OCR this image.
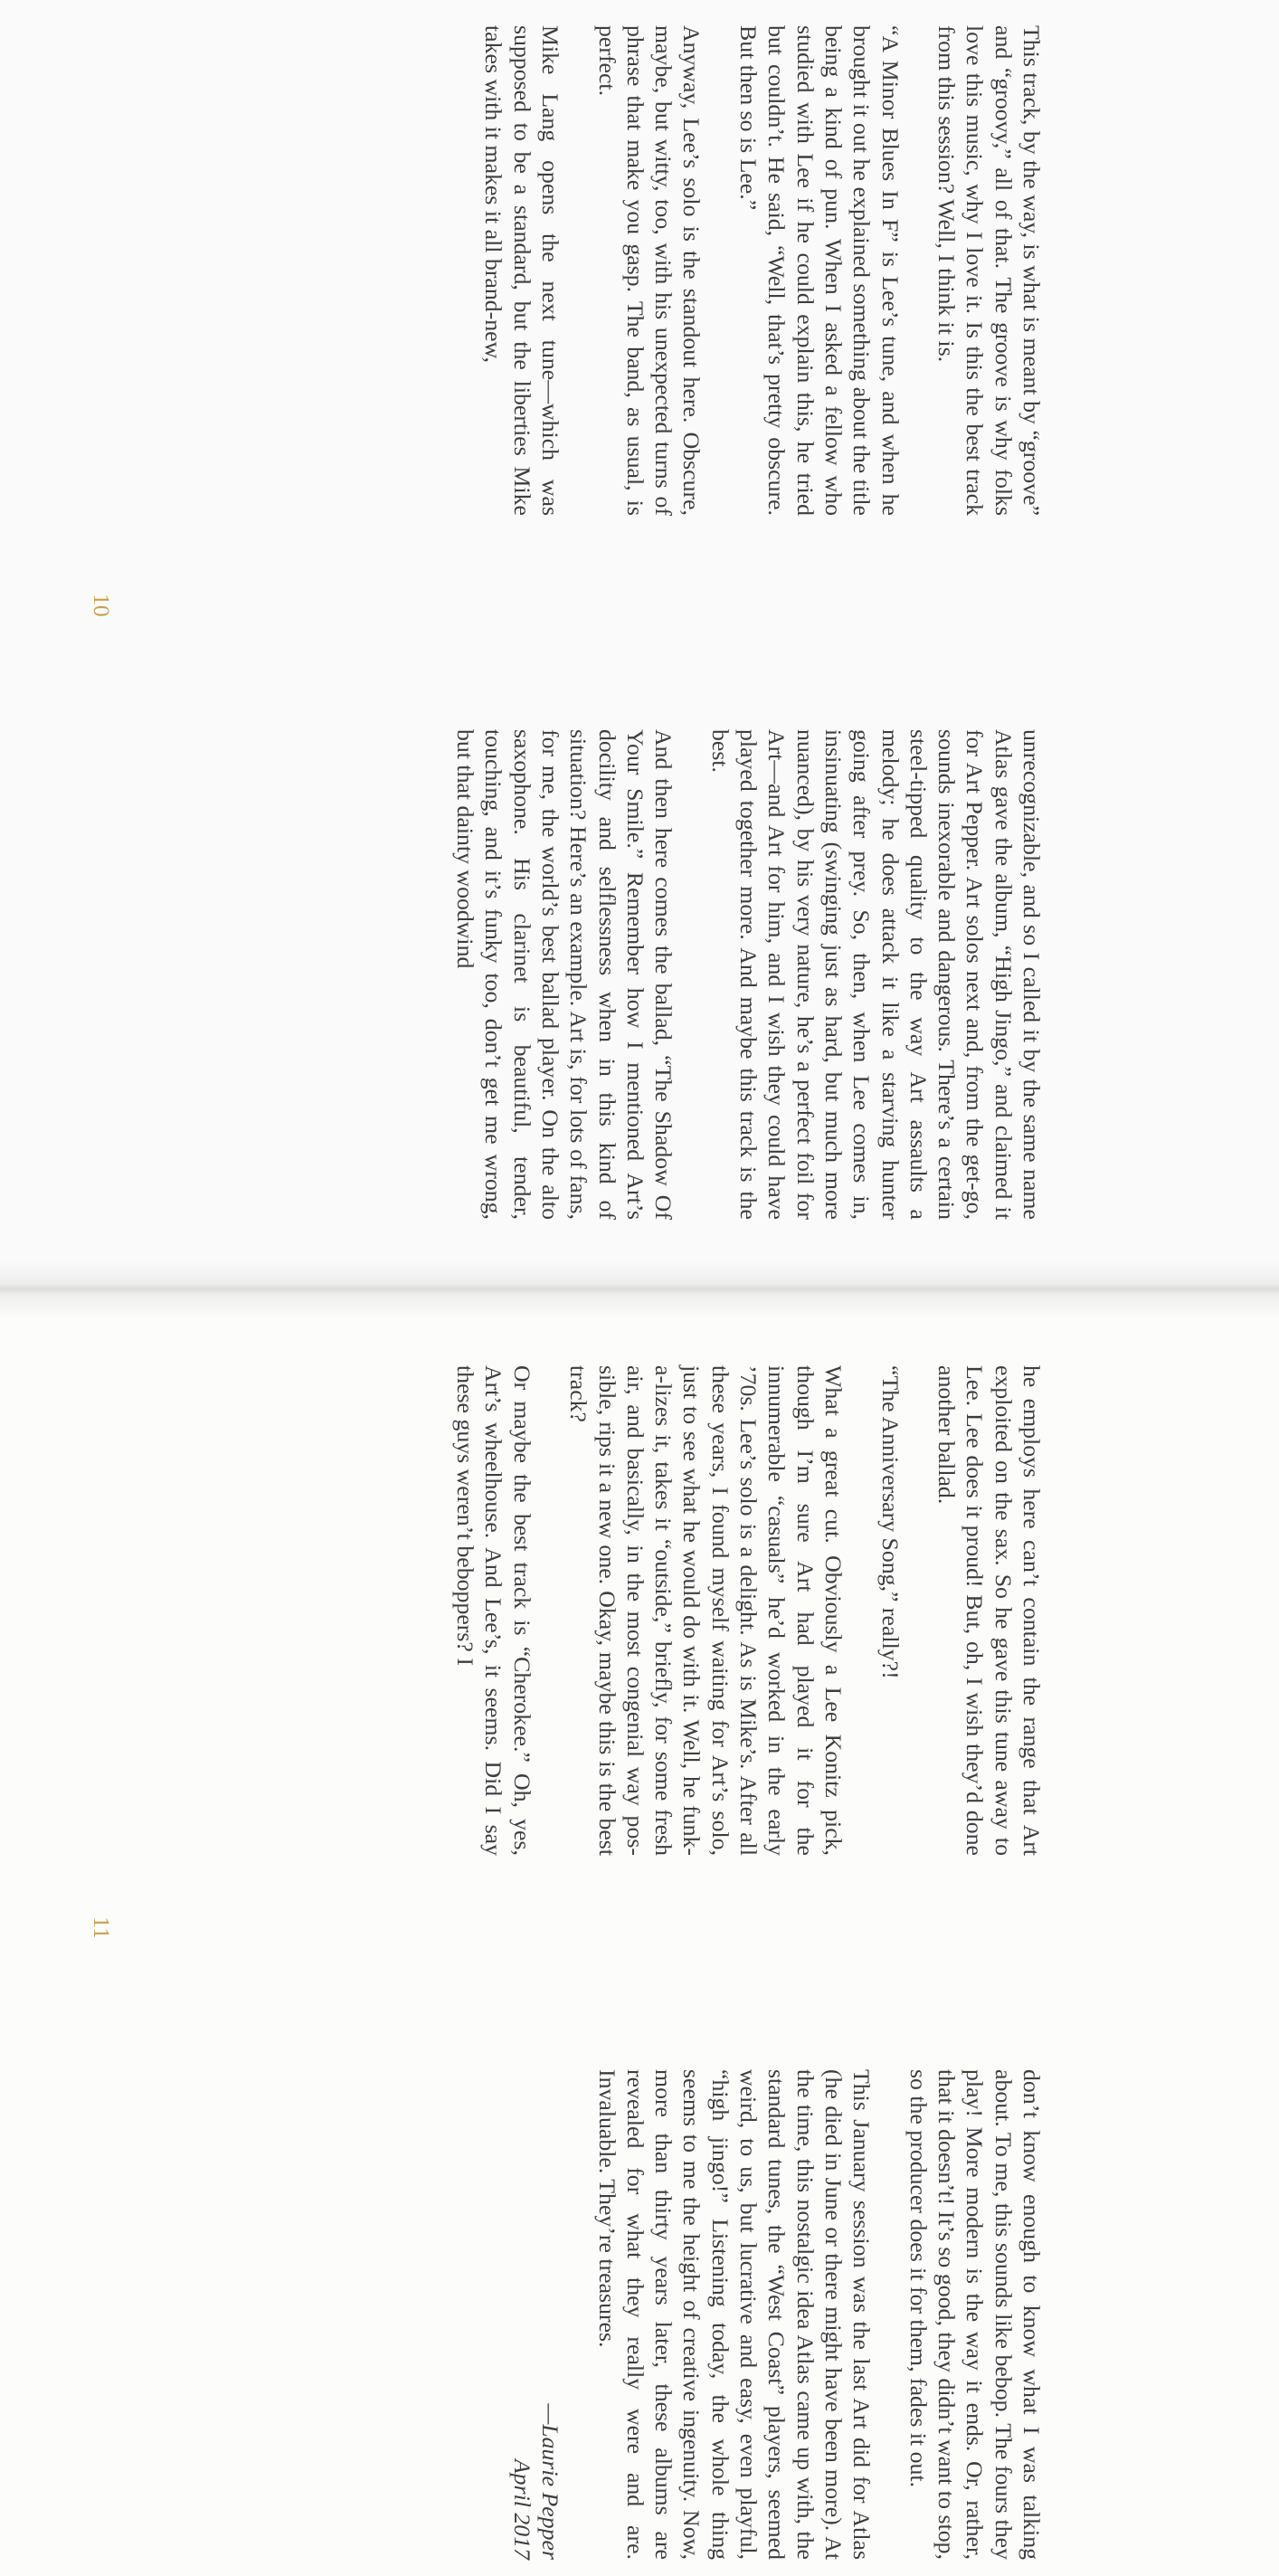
This track, by the way, is what is meant by “groove” and “groovy,” all of that. The groove is why folks love this music, why I love it. Is this the best track from this session? Well, I think it is.

“A Minor Blues In F” is Lee’s tune, and when he brought it out he explained something about the title being a kind of pun. When I asked a fellow who studied with Lee if he could explain this, he tried but couldn’t. He said, “Well, that’s pretty obscure. But then so is Lee.”

Anyway, Lee’s solo is the standout here. Obscure, maybe, but witty, too, with his unexpected turns of phrase that make you gasp. The band, as usual, is perfect.

Mike Lang opens the next tune—which was supposed to be a standard, but the liberties Mike takes with it makes it all brand-new,

unrecognizable, and so I called it by the same name Atlas gave the album, “High Jingo,” and claimed it for Art Pepper. Art solos next and, from the get-go, sounds inexorable and dangerous. There’s a certain steel-tipped quality to the way Art assaults a melody; he does attack it like a starving hunter going after prey. So, then, when Lee comes in, insinuating (swinging just as hard, but much more nuanced), by his very nature, he’s a perfect foil for Art—and Art for him, and I wish they could have played together more. And maybe this track is the best.

And then here comes the ballad, “The Shadow Of Your Smile.” Remember how I mentioned Art’s docility and selflessness when in this kind of situation? Here’s an example. Art is, for lots of fans, for me, the world’s best ballad player. On the alto saxophone. His clarinet is beautiful, tender, touching, and it’s funky too, don’t get me wrong, but that dainty woodwind

10
11

he employs here can’t contain the range that Art exploited on the sax. So he gave this tune away to Lee. Lee does it proud! But, oh, I wish they’d done another ballad.

“The Anniversary Song,” really?!

What a great cut. Obviously a Lee Konitz pick, though I’m sure Art had played it for the innumerable “casuals” he’d worked in the early ’70s. Lee’s solo is a delight. As is Mike’s. After all these years, I found myself waiting for Art’s solo, just to see what he would do with it. Well, he funk-a-lizes it, takes it “outside,” briefly, for some fresh air, and basically, in the most congenial way possible, rips it a new one. Okay, maybe this is the best track?

Or maybe the best track is “Cherokee.” Oh, yes, Art’s wheelhouse. And Lee’s, it seems. Did I say these guys weren’t beboppers? I

don’t know enough to know what I was talking about. To me, this sounds like bebop. The fours they play! More modern is the way it ends. Or, rather, that it doesn’t! It’s so good, they didn’t want to stop, so the producer does it for them, fades it out.

This January session was the last Art did for Atlas (he died in June or there might have been more). At the time, this nostalgic idea Atlas came up with, the standard tunes, the “West Coast” players, seemed weird, to us, but lucrative and easy, even playful, “high jingo!” Listening today, the whole thing seems to me the height of creative ingenuity. Now, more than thirty years later, these albums are revealed for what they really were and are. Invaluable. They’re treasures.

—Laurie Pepper
April 2017
